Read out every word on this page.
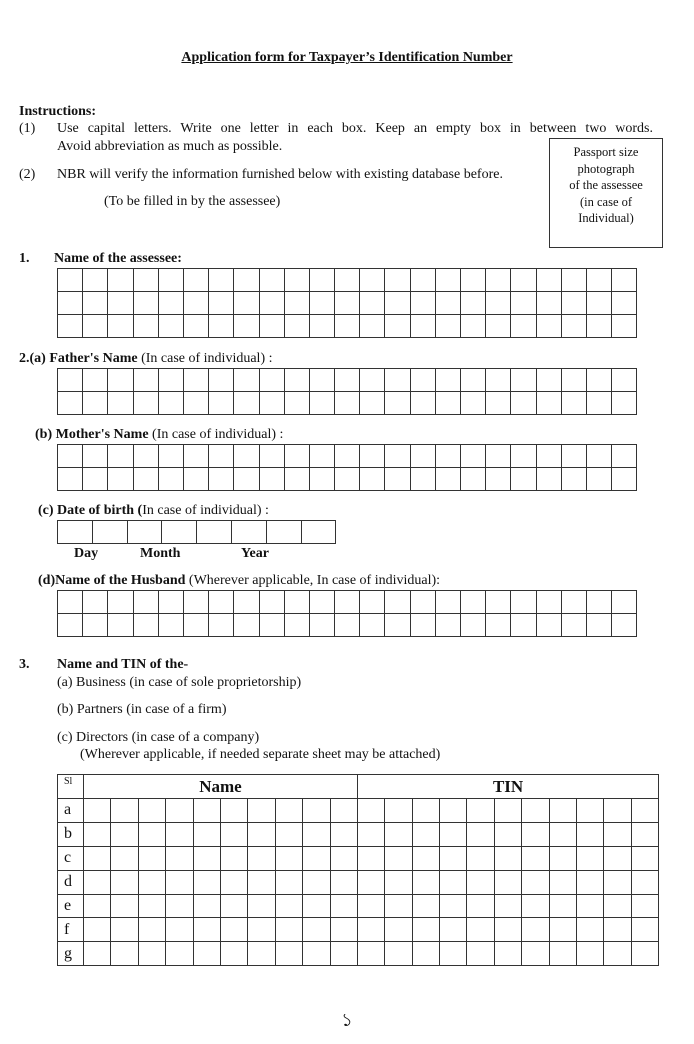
Application form for Taxpayer’s Identification Number
Instructions:
(1) Use capital letters. Write one letter in each box. Keep an empty box in between two words.
Avoid abbreviation as much as possible.
(2) NBR will verify the information furnished below with existing database before.
(To be filled in by the assessee)
Passport size
photograph
of the assessee
(in case of
Individual)
1. Name of the assessee:

2.(a) Father's Name (In case of individual) :

(b) Mother's Name (In case of individual) :

(c) Date of birth (In case of individual) :

Day	Month	Year
(d)Name of the Husband (Wherever applicable, In case of individual):

3. Name and TIN of the-
(a) Business (in case of sole proprietorship)
(b) Partners (in case of a firm)
(c) Directors (in case of a company)
(Wherever applicable, if needed separate sheet may be attached)
Sl	Name										TIN										
a																					
b																					
c																					
d																					
e																					
f																					
g																					
১
